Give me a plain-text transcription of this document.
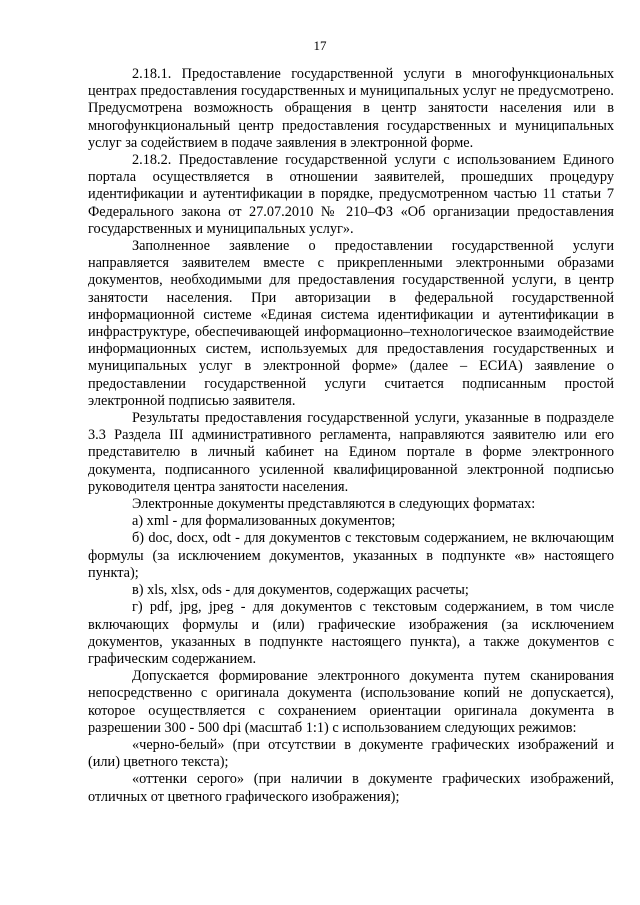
17

2.18.1. Предоставление государственной услуги в многофункциональных центрах предоставления государственных и муниципальных услуг не предусмотрено. Предусмотрена возможность обращения в центр занятости населения или в многофункциональный центр предоставления государственных и муниципальных услуг за содействием в подаче заявления в электронной форме.

2.18.2. Предоставление государственной услуги с использованием Единого портала осуществляется в отношении заявителей, прошедших процедуру идентификации и аутентификации в порядке, предусмотренном частью 11 статьи 7 Федерального закона от 27.07.2010 № 210–ФЗ «Об организации предоставления государственных и муниципальных услуг».

Заполненное заявление о предоставлении государственной услуги направляется заявителем вместе с прикрепленными электронными образами документов, необходимыми для предоставления государственной услуги, в центр занятости населения. При авторизации в федеральной государственной информационной системе «Единая система идентификации и аутентификации в инфраструктуре, обеспечивающей информационно–технологическое взаимодействие информационных систем, используемых для предоставления государственных и муниципальных услуг в электронной форме» (далее – ЕСИА) заявление о предоставлении государственной услуги считается подписанным простой электронной подписью заявителя.

Результаты предоставления государственной услуги, указанные в подразделе 3.3 Раздела III административного регламента, направляются заявителю или его представителю в личный кабинет на Едином портале в форме электронного документа, подписанного усиленной квалифицированной электронной подписью руководителя центра занятости населения.

Электронные документы представляются в следующих форматах:

а) xml - для формализованных документов;

б) doc, docx, odt - для документов с текстовым содержанием, не включающим формулы (за исключением документов, указанных в подпункте «в» настоящего пункта);

в) xls, xlsx, ods - для документов, содержащих расчеты;

г) pdf, jpg, jpeg - для документов с текстовым содержанием, в том числе включающих формулы и (или) графические изображения (за исключением документов, указанных в подпункте настоящего пункта), а также документов с графическим содержанием.

Допускается формирование электронного документа путем сканирования непосредственно с оригинала документа (использование копий не допускается), которое осуществляется с сохранением ориентации оригинала документа в разрешении 300 - 500 dpi (масштаб 1:1) с использованием следующих режимов:

«черно-белый» (при отсутствии в документе графических изображений и (или) цветного текста);

«оттенки серого» (при наличии в документе графических изображений, отличных от цветного графического изображения);
